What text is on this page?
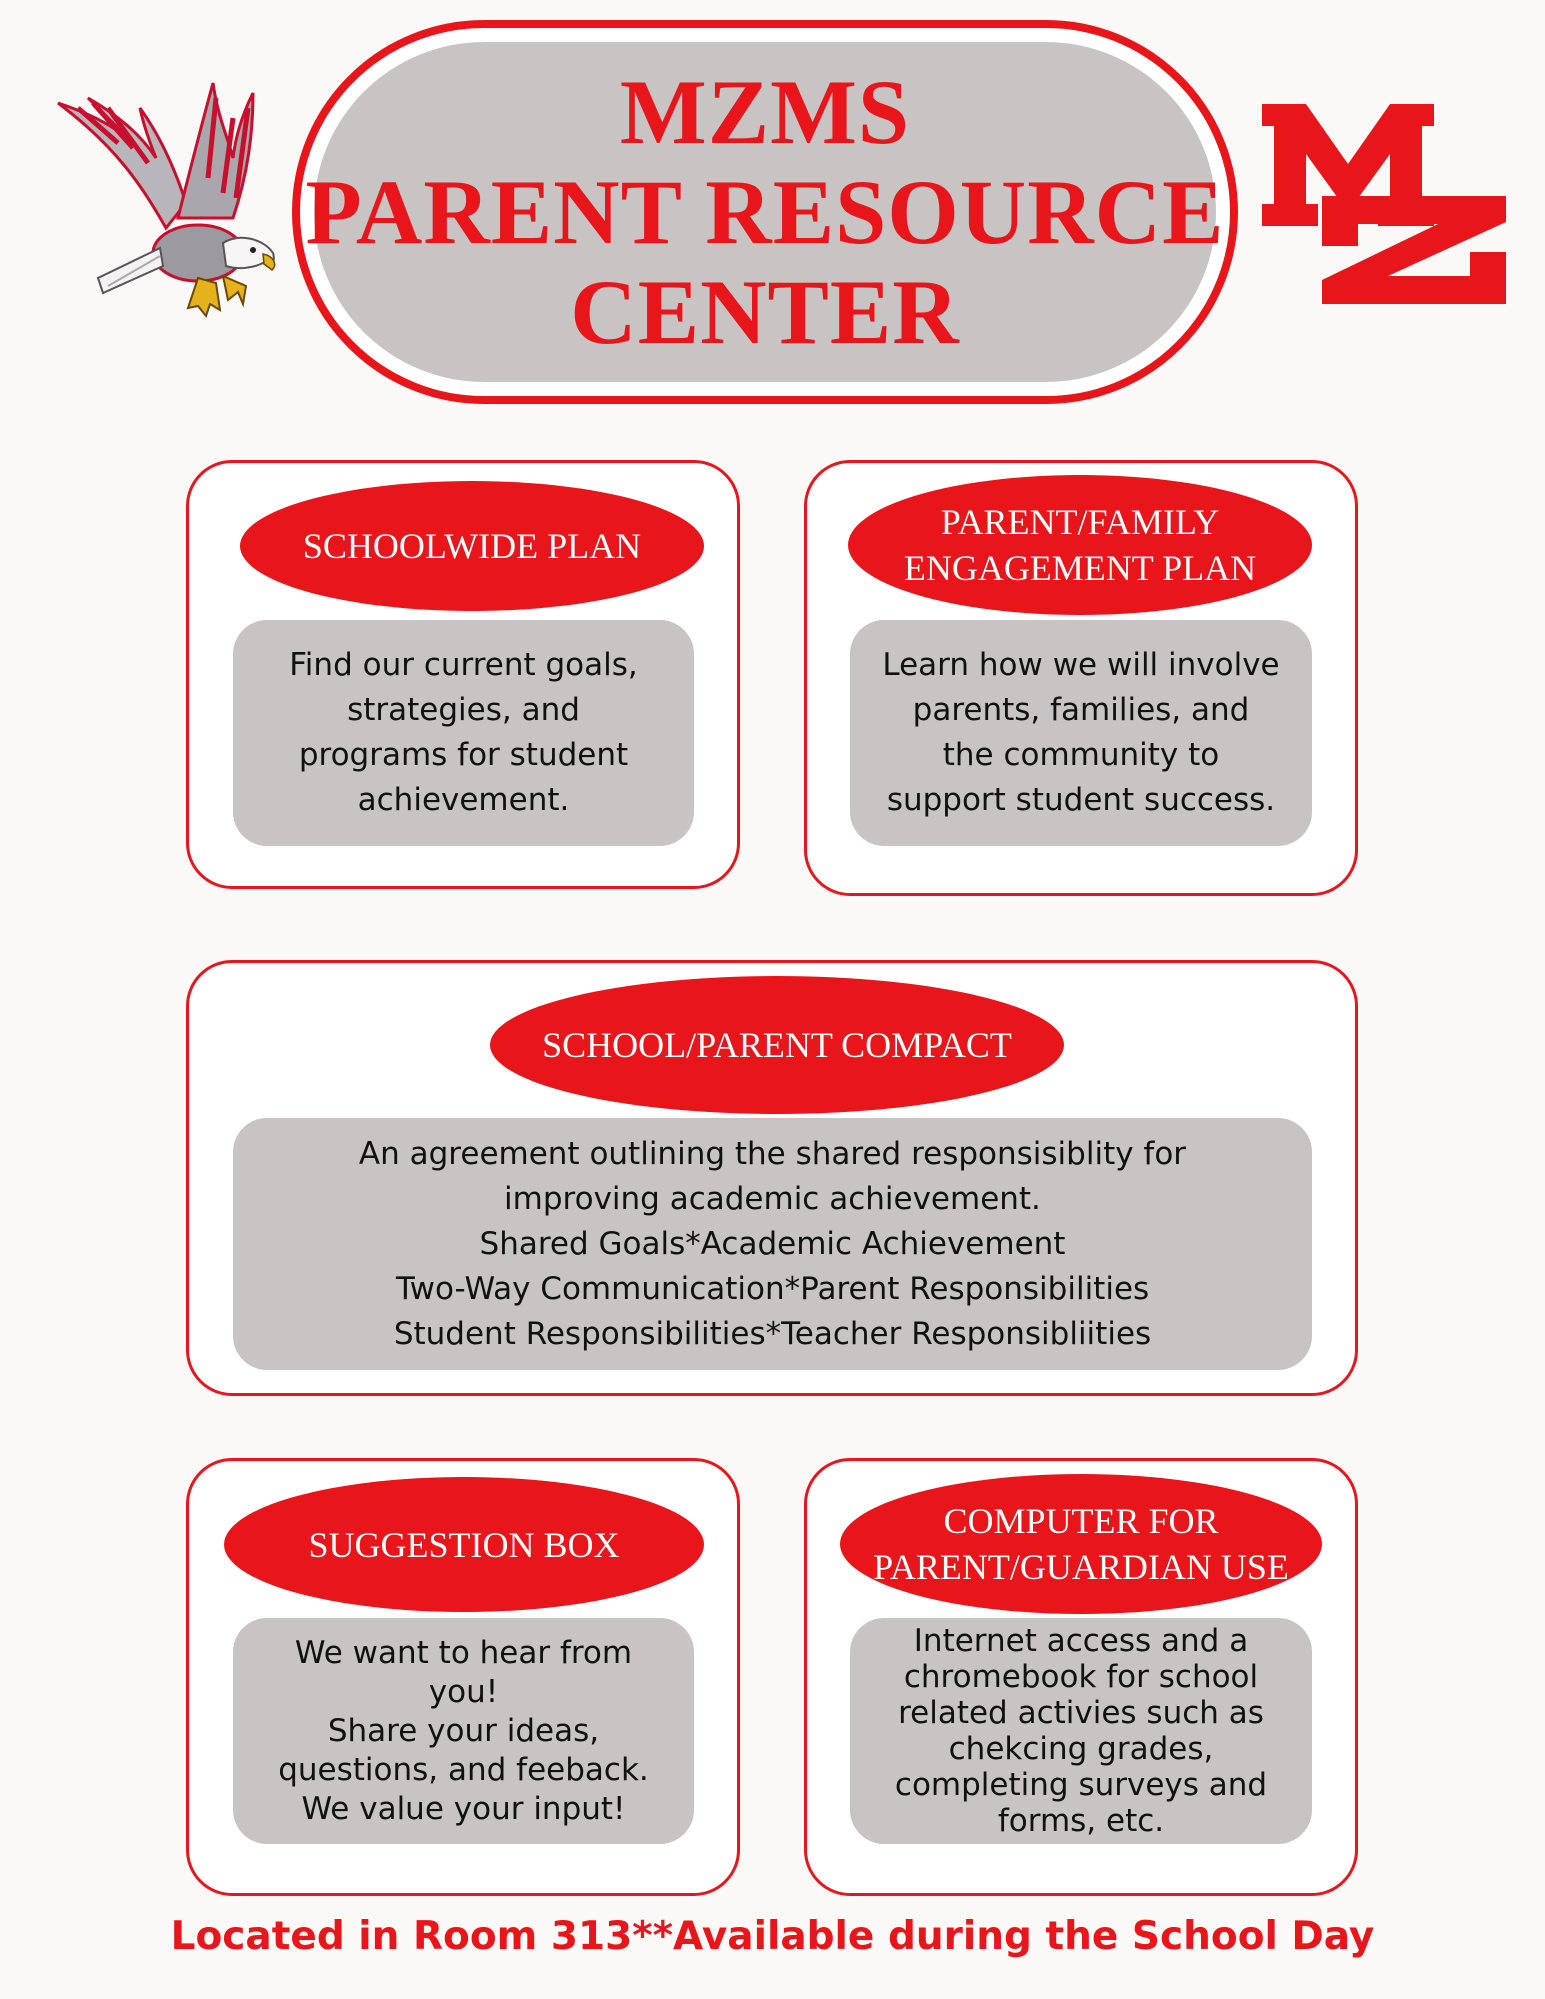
MZMS
PARENT RESOURCE
CENTER
SCHOOLWIDE PLAN
Find our current goals,
strategies, and
programs for student
achievement.
PARENT/FAMILY
ENGAGEMENT PLAN
Learn how we will involve
parents, families, and
the community to
support student success.
SCHOOL/PARENT COMPACT
An agreement outlining the shared responsisiblity for
improving academic achievement.
Shared Goals*Academic Achievement
Two-Way Communication*Parent Responsibilities
Student Responsibilities*Teacher Responsibliities
SUGGESTION BOX
We want to hear from
you!
Share your ideas,
questions, and feeback.
We value your input!
COMPUTER FOR
PARENT/GUARDIAN USE
Internet access and a
chromebook for school
related activies such as
chekcing grades,
completing surveys and
forms, etc.
Located in Room 313**Available during the School Day
